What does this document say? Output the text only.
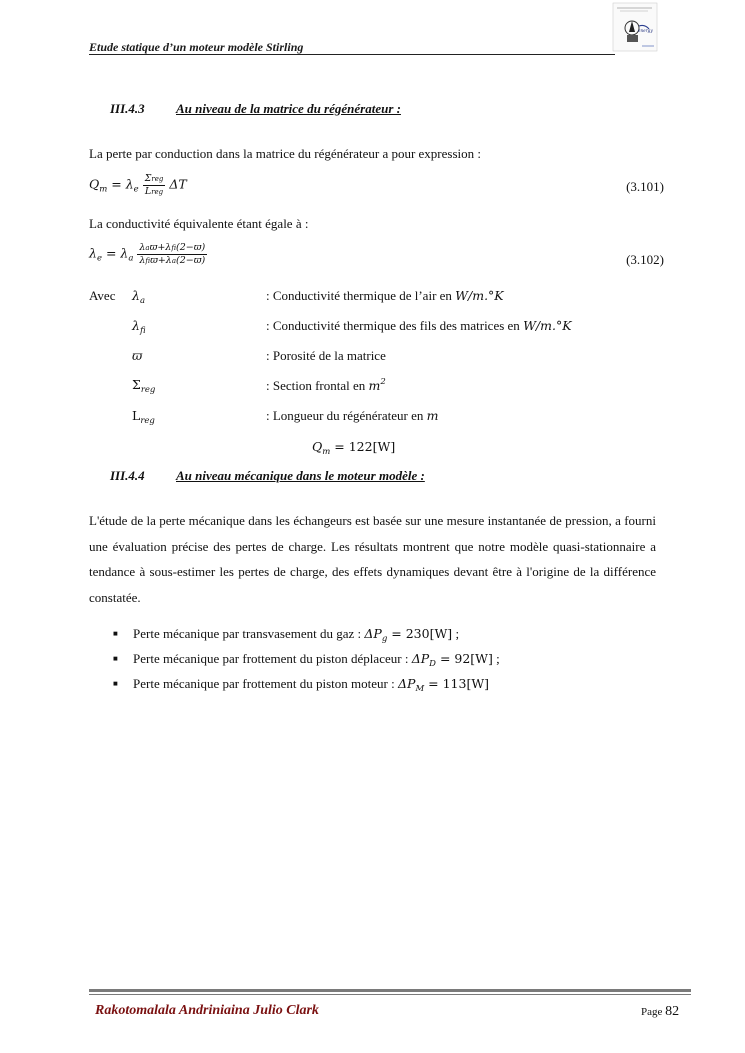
Etude statique d’un moteur modèle Stirling
energy
III.4.3 Au niveau de la matrice du régénérateur :
La perte par conduction dans la matrice du régénérateur a pour expression :
$Q_m = \lambda_e \frac{\text{Σreg}}{\text{Lreg}}$ ΔT	(3.101)
La conductivité équivalente étant égale à :
$\lambda_e = \lambda_a \frac{\text{λaϖ+λfi(2−ϖ)}}{\text{λfiϖ+λa(2−ϖ)}}$	(3.102)
Avec $\lambda_a$	: Conductivité thermique de l’air en W/m.°K
$\lambda_{fi}$	: Conductivité thermique des fils des matrices en W/m.°K
ϖ	: Porosité de la matrice
$\Sigma_{reg}$	: Section frontal en $m^2$
$L_{reg}$	: Longueur du régénérateur en m
$Q_m = 122[W]$
III.4.4 Au niveau mécanique dans le moteur modèle :
L'étude de la perte mécanique dans les échangeurs est basée sur une mesure instantanée de pression, a fourni une évaluation précise des pertes de charge. Les résultats montrent que notre modèle quasi-stationnaire a tendance à sous-estimer les pertes de charge, des effets dynamiques devant être à l'origine de la différence constatée.
■ Perte mécanique par transvasement du gaz : $\Delta P_g = 230[W]$ ;
■ Perte mécanique par frottement du piston déplaceur : $\Delta P_D = 92[W]$ ;
■ Perte mécanique par frottement du piston moteur : $\Delta P_M = 113[W]$
Rakotomalala Andriniaina Julio Clark	Page 82
